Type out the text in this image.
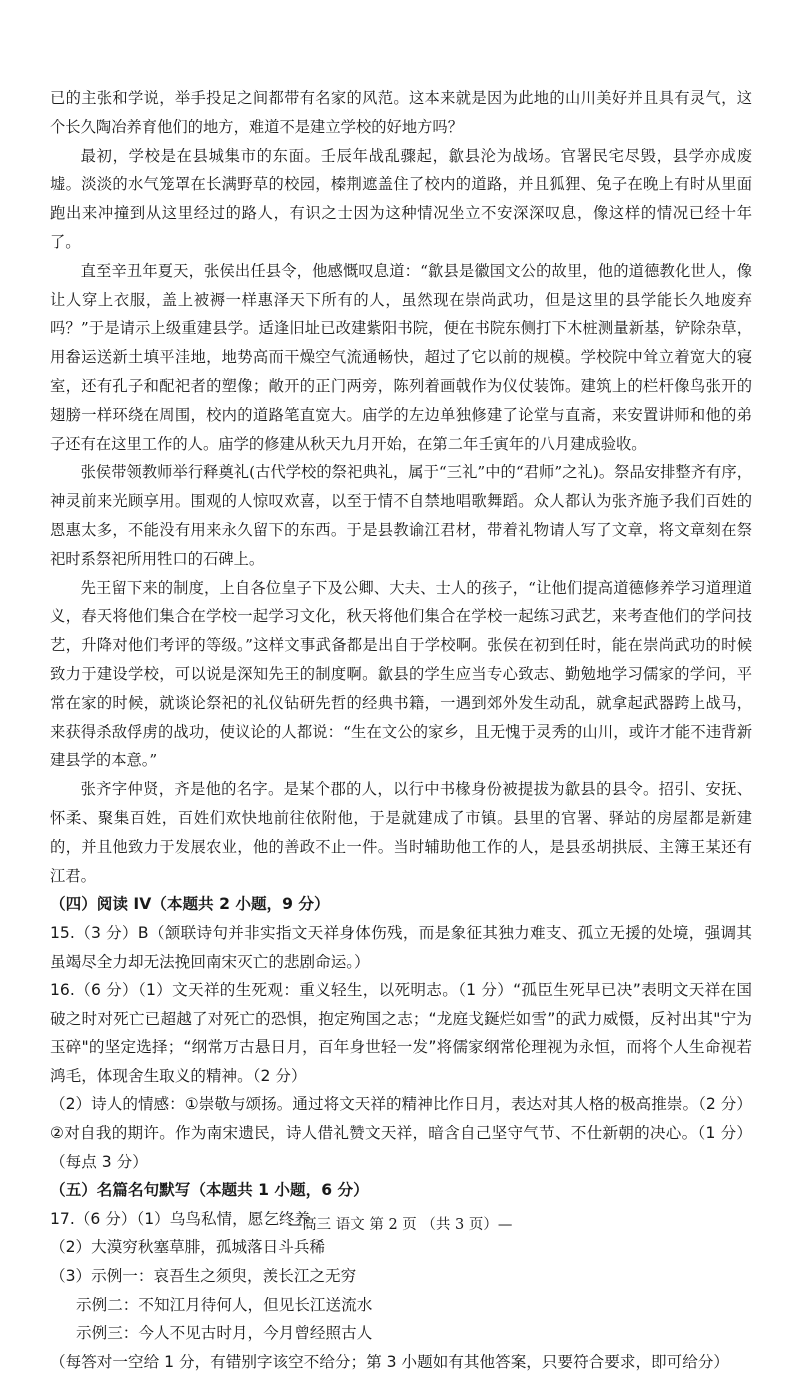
已的主张和学说，举手投足之间都带有名家的风范。这本来就是因为此地的山川美好并且具有灵气，这个长久陶冶养育他们的地方，难道不是建立学校的好地方吗？

最初，学校是在县城集市的东面。壬辰年战乱骤起，歙县沦为战场。官署民宅尽毁，县学亦成废墟。淡淡的水气笼罩在长满野草的校园，榛荆遮盖住了校内的道路，并且狐狸、兔子在晚上有时从里面跑出来冲撞到从这里经过的路人，有识之士因为这种情况坐立不安深深叹息，像这样的情况已经十年了。

直至辛丑年夏天，张侯出任县令，他感慨叹息道：“歙县是徽国文公的故里，他的道德教化世人，像让人穿上衣服，盖上被褥一样惠泽天下所有的人，虽然现在崇尚武功，但是这里的县学能长久地废弃吗？”于是请示上级重建县学。适逢旧址已改建紫阳书院，便在书院东侧打下木桩测量新基，铲除杂草，用畚运送新土填平洼地，地势高而干燥空气流通畅快，超过了它以前的规模。学校院中耸立着宽大的寝室，还有孔子和配祀者的塑像；敞开的正门两旁，陈列着画戟作为仪仗装饰。建筑上的栏杆像鸟张开的翅膀一样环绕在周围，校内的道路笔直宽大。庙学的左边单独修建了论堂与直斋，来安置讲师和他的弟子还有在这里工作的人。庙学的修建从秋天九月开始，在第二年壬寅年的八月建成验收。

张侯带领教师举行释奠礼(古代学校的祭祀典礼，属于“三礼”中的“君师”之礼)。祭品安排整齐有序，神灵前来光顾享用。围观的人惊叹欢喜，以至于情不自禁地唱歌舞蹈。众人都认为张齐施予我们百姓的恩惠太多，不能没有用来永久留下的东西。于是县教谕江君材，带着礼物请人写了文章，将文章刻在祭祀时系祭祀所用牲口的石碑上。

先王留下来的制度，上自各位皇子下及公卿、大夫、士人的孩子，“让他们提高道德修养学习道理道义，春天将他们集合在学校一起学习文化，秋天将他们集合在学校一起练习武艺，来考查他们的学问技艺，升降对他们考评的等级。”这样文事武备都是出自于学校啊。张侯在初到任时，能在崇尚武功的时候致力于建设学校，可以说是深知先王的制度啊。歙县的学生应当专心致志、勤勉地学习儒家的学问，平常在家的时候，就谈论祭祀的礼仪钻研先哲的经典书籍，一遇到郊外发生动乱，就拿起武器跨上战马，来获得杀敌俘虏的战功，使议论的人都说：“生在文公的家乡，且无愧于灵秀的山川，或许才能不违背新建县学的本意。”

张齐字仲贤，齐是他的名字。是某个郡的人，以行中书椽身份被提拔为歙县的县令。招引、安抚、怀柔、聚集百姓，百姓们欢快地前往依附他，于是就建成了市镇。县里的官署、驿站的房屋都是新建的，并且他致力于发展农业，他的善政不止一件。当时辅助他工作的人，是县丞胡拱辰、主簿王某还有江君。

（四）阅读 IV（本题共 2 小题，9 分）

15.（3 分）B（颔联诗句并非实指文天祥身体伤残，而是象征其独力难支、孤立无援的处境，强调其虽竭尽全力却无法挽回南宋灭亡的悲剧命运。）

16.（6 分）（1）文天祥的生死观：重义轻生，以死明志。（1 分）“孤臣生死早已决”表明文天祥在国破之时对死亡已超越了对死亡的恐惧，抱定殉国之志；“龙庭戈鋋烂如雪”的武力威慑，反衬出其"宁为玉碎"的坚定选择；“纲常万古悬日月，百年身世轻一发”将儒家纲常伦理视为永恒，而将个人生命视若鸿毛，体现舍生取义的精神。（2 分）

（2）诗人的情感：①崇敬与颂扬。通过将文天祥的精神比作日月，表达对其人格的极高推崇。（2 分）②对自我的期许。作为南宋遗民，诗人借礼赞文天祥，暗含自己坚守气节、不仕新朝的决心。（1 分）（每点 3 分）

（五）名篇名句默写（本题共 1 小题，6 分）

17.（6 分）（1）乌鸟私情，愿乞终养

（2）大漠穷秋塞草腓，孤城落日斗兵稀

（3）示例一：哀吾生之须臾，羡长江之无穷

示例二：不知江月待何人，但见长江送流水

示例三：今人不见古时月，今月曾经照古人

（每答对一空给 1 分，有错别字该空不给分；第 3 小题如有其他答案，只要符合要求，即可给分）

—高三 语文 第 2 页 （共 3 页）—
